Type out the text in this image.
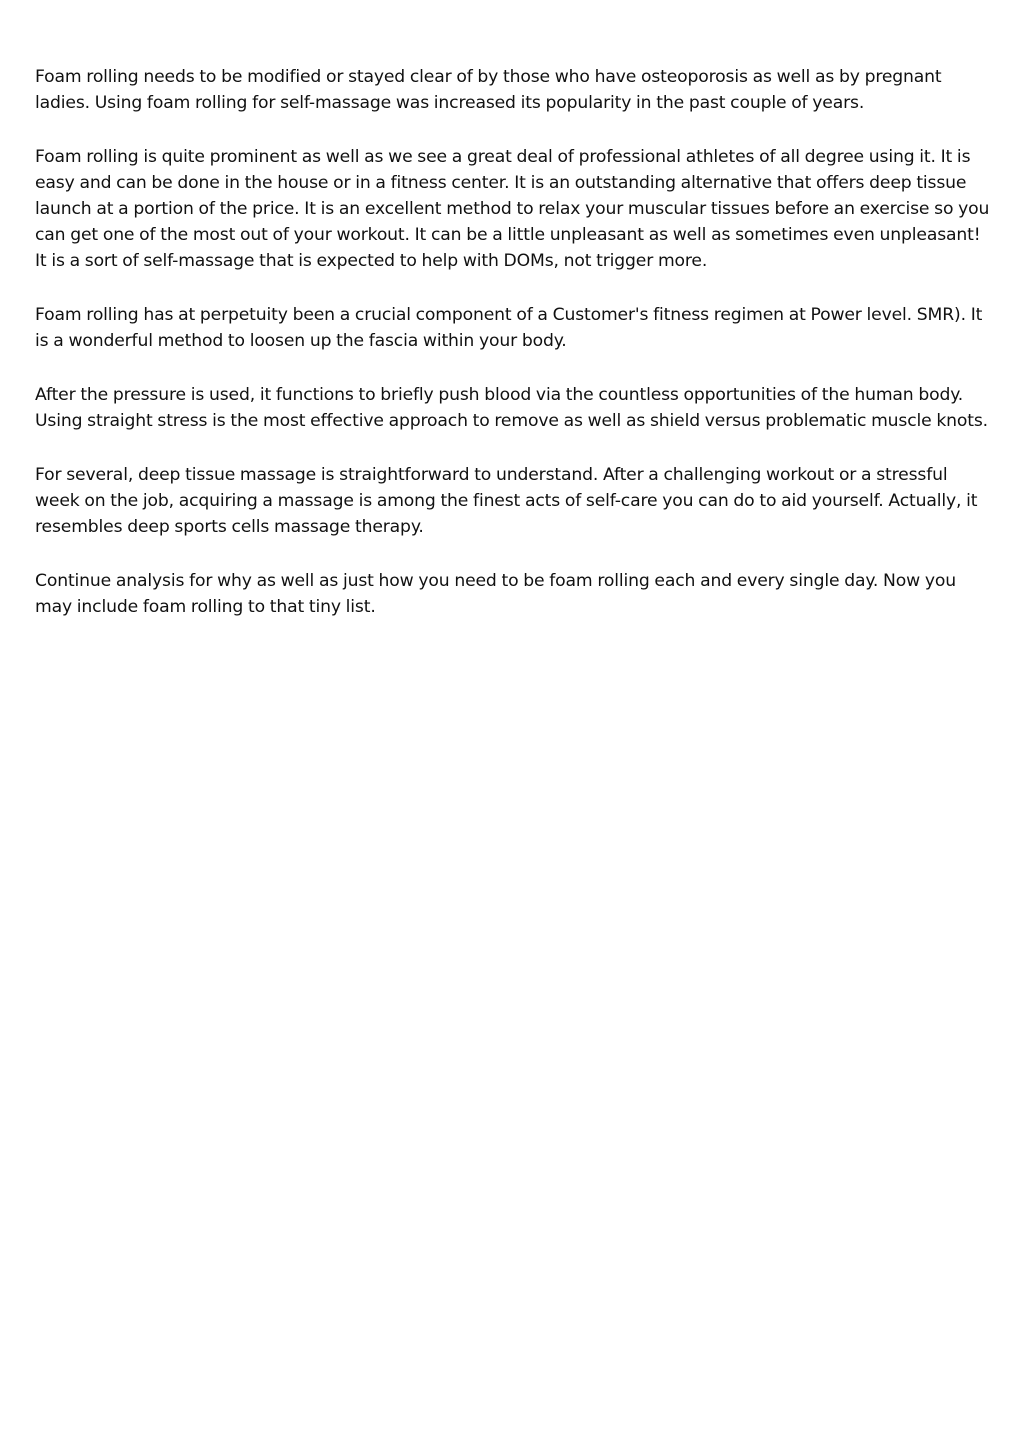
Foam rolling needs to be modified or stayed clear of by those who have osteoporosis as well as by pregnant ladies. Using foam rolling for self-massage was increased its popularity in the past couple of years.

Foam rolling is quite prominent as well as we see a great deal of professional athletes of all degree using it. It is easy and can be done in the house or in a fitness center. It is an outstanding alternative that offers deep tissue launch at a portion of the price. It is an excellent method to relax your muscular tissues before an exercise so you can get one of the most out of your workout. It can be a little unpleasant as well as sometimes even unpleasant! It is a sort of self-massage that is expected to help with DOMs, not trigger more.

Foam rolling has at perpetuity been a crucial component of a Customer's fitness regimen at Power level. SMR). It is a wonderful method to loosen up the fascia within your body.

After the pressure is used, it functions to briefly push blood via the countless opportunities of the human body. Using straight stress is the most effective approach to remove as well as shield versus problematic muscle knots.

For several, deep tissue massage is straightforward to understand. After a challenging workout or a stressful week on the job, acquiring a massage is among the finest acts of self-care you can do to aid yourself. Actually, it resembles deep sports cells massage therapy.

Continue analysis for why as well as just how you need to be foam rolling each and every single day. Now you may include foam rolling to that tiny list.
